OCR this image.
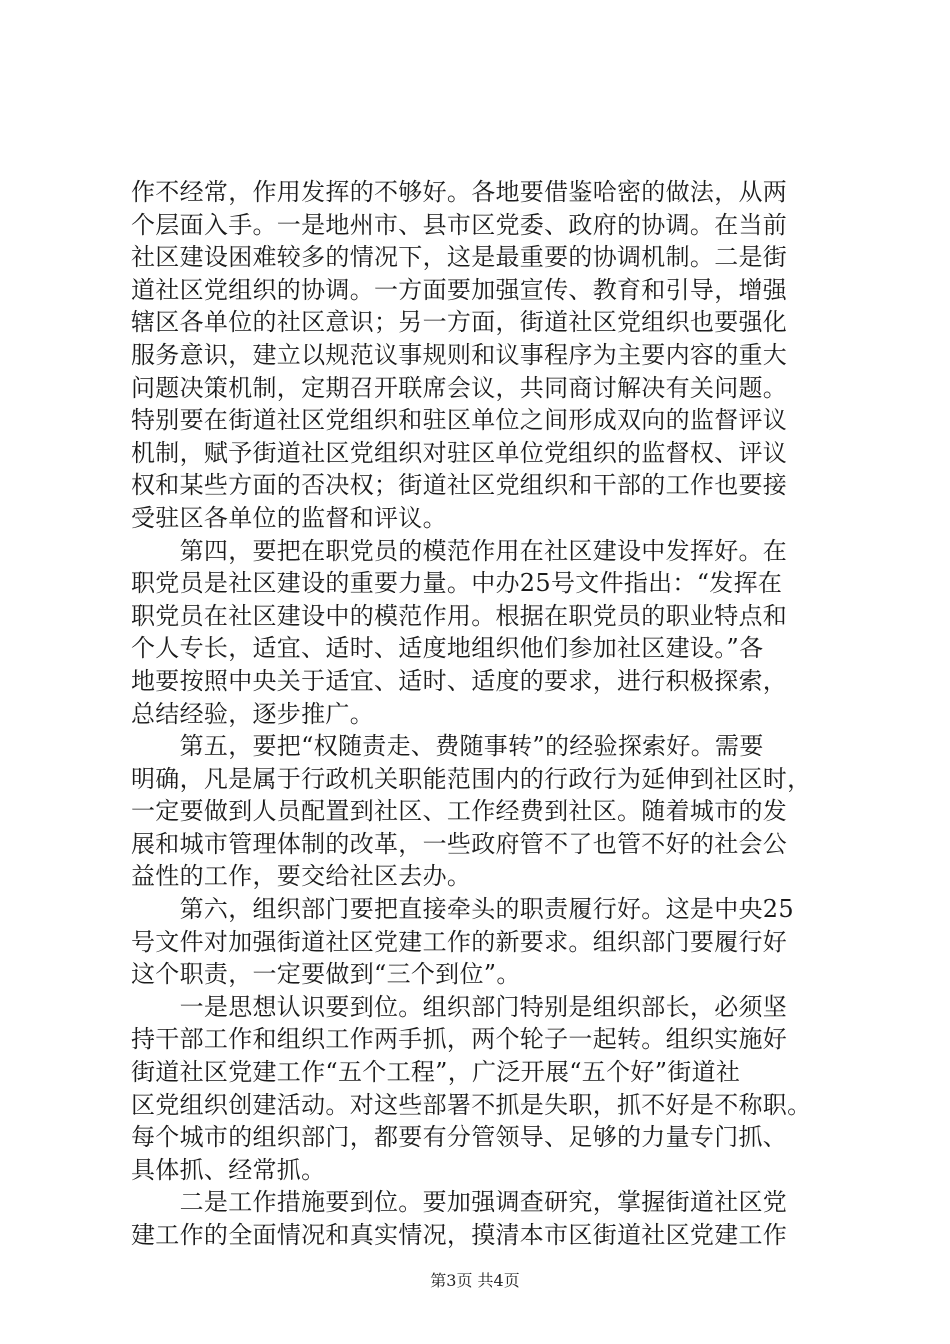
作不经常，作用发挥的不够好。各地要借鉴哈密的做法，从两
个层面入手。一是地州市、县市区党委、政府的协调。在当前
社区建设困难较多的情况下，这是最重要的协调机制。二是街
道社区党组织的协调。一方面要加强宣传、教育和引导，增强
辖区各单位的社区意识；另一方面，街道社区党组织也要强化
服务意识，建立以规范议事规则和议事程序为主要内容的重大
问题决策机制，定期召开联席会议，共同商讨解决有关问题。
特别要在街道社区党组织和驻区单位之间形成双向的监督评议
机制，赋予街道社区党组织对驻区单位党组织的监督权、评议
权和某些方面的否决权；街道社区党组织和干部的工作也要接
受驻区各单位的监督和评议。
　　第四，要把在职党员的模范作用在社区建设中发挥好。在
职党员是社区建设的重要力量。中办25号文件指出：“发挥在
职党员在社区建设中的模范作用。根据在职党员的职业特点和
个人专长，适宜、适时、适度地组织他们参加社区建设。”各
地要按照中央关于适宜、适时、适度的要求，进行积极探索，
总结经验，逐步推广。
　　第五，要把“权随责走、费随事转”的经验探索好。需要
明确，凡是属于行政机关职能范围内的行政行为延伸到社区时，
一定要做到人员配置到社区、工作经费到社区。随着城市的发
展和城市管理体制的改革，一些政府管不了也管不好的社会公
益性的工作，要交给社区去办。
　　第六，组织部门要把直接牵头的职责履行好。这是中央25
号文件对加强街道社区党建工作的新要求。组织部门要履行好
这个职责，一定要做到“三个到位”。
　　一是思想认识要到位。组织部门特别是组织部长，必须坚
持干部工作和组织工作两手抓，两个轮子一起转。组织实施好
街道社区党建工作“五个工程”，广泛开展“五个好”街道社
区党组织创建活动。对这些部署不抓是失职，抓不好是不称职。
每个城市的组织部门，都要有分管领导、足够的力量专门抓、
具体抓、经常抓。
　　二是工作措施要到位。要加强调查研究，掌握街道社区党
建工作的全面情况和真实情况，摸清本市区街道社区党建工作
第3页 共4页
